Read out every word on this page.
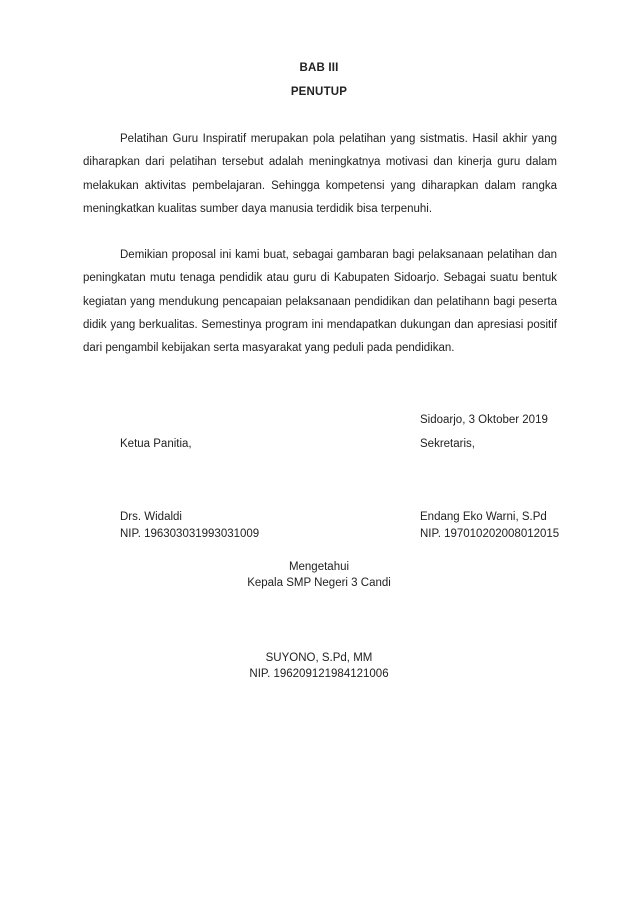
BAB III
PENUTUP
Pelatihan Guru Inspiratif merupakan pola pelatihan yang sistmatis. Hasil akhir yang diharapkan dari pelatihan tersebut adalah meningkatnya motivasi dan kinerja guru dalam melakukan aktivitas pembelajaran. Sehingga kompetensi yang diharapkan dalam rangka meningkatkan kualitas sumber daya manusia terdidik bisa terpenuhi.
Demikian proposal ini kami buat, sebagai gambaran bagi pelaksanaan pelatihan dan peningkatan mutu tenaga pendidik atau guru di Kabupaten Sidoarjo. Sebagai suatu bentuk kegiatan yang mendukung pencapaian pelaksanaan pendidikan dan pelatihann bagi peserta didik yang berkualitas. Semestinya program ini mendapatkan dukungan dan apresiasi positif dari pengambil kebijakan serta masyarakat yang peduli pada pendidikan.
Sidoarjo, 3 Oktober 2019
Ketua Panitia,	Sekretaris,
Drs. Widaldi
NIP. 196303031993031009
Endang Eko Warni, S.Pd
NIP. 197010202008012015
Mengetahui
Kepala SMP Negeri 3 Candi
SUYONO, S.Pd, MM
NIP. 196209121984121006
